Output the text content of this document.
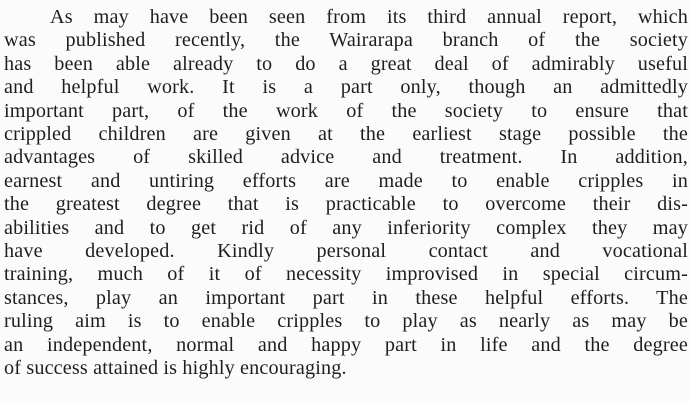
As may have been seen from its third annual report, which
was published recently, the Wairarapa branch of the society
has been able already to do a great deal of admirably useful
and helpful work. It is a part only, though an admittedly
important part, of the work of the society to ensure that
crippled children are given at the earliest stage possible the
advantages of skilled advice and treatment. In addition,
earnest and untiring efforts are made to enable cripples in
the greatest degree that is practicable to overcome their dis-
abilities and to get rid of any inferiority complex they may
have developed. Kindly personal contact and vocational
training, much of it of necessity improvised in special circum-
stances, play an important part in these helpful efforts. The
ruling aim is to enable cripples to play as nearly as may be
an independent, normal and happy part in life and the degree
of success attained is highly encouraging.
